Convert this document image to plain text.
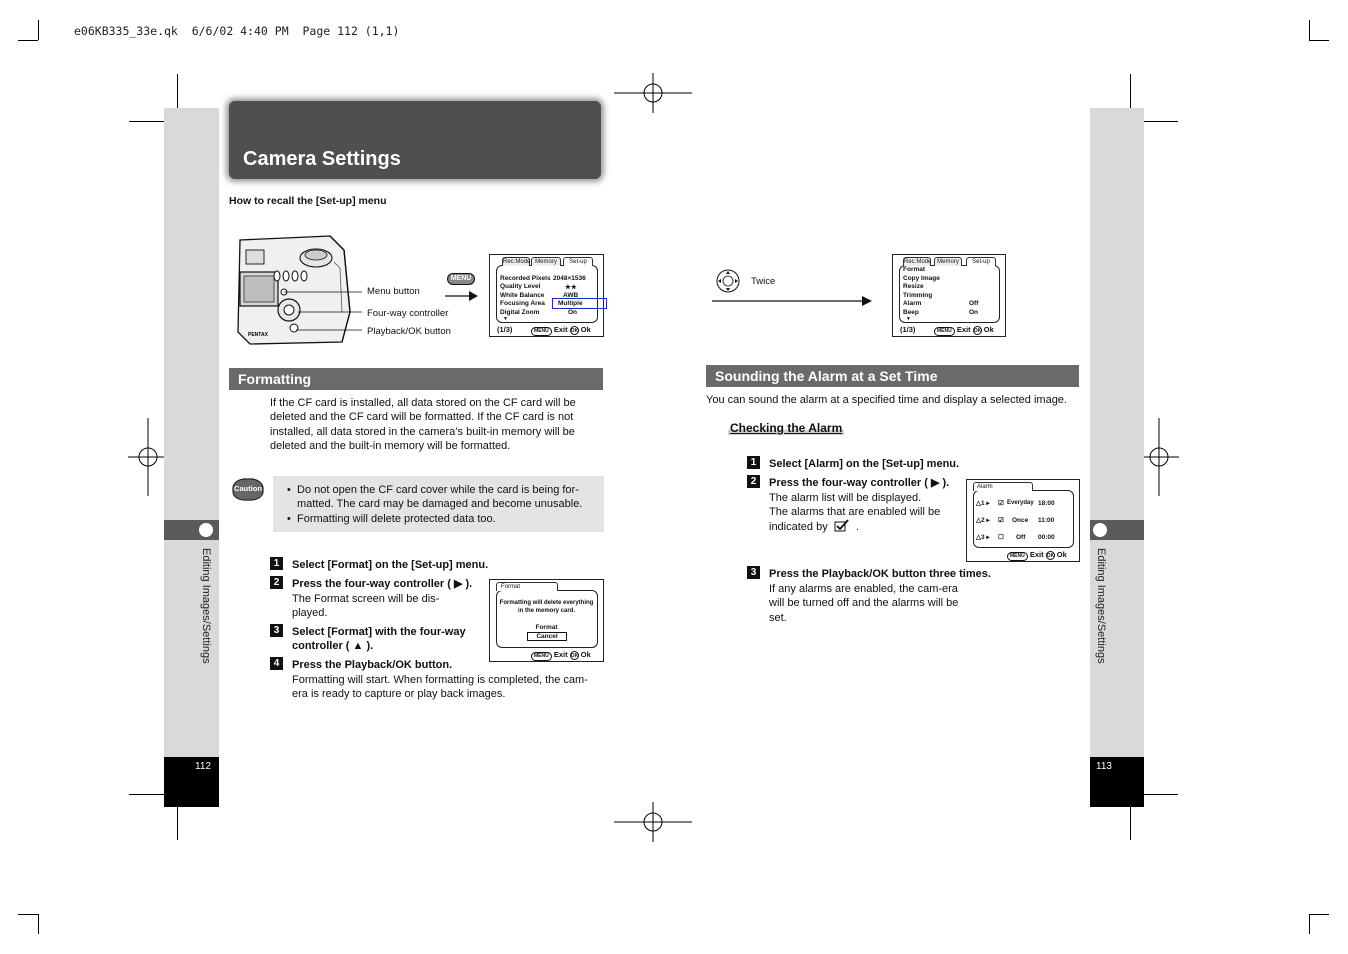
e06KB335_33e.qk  6/6/02 4:40 PM  Page 112 (1,1)
Editing Images/Settings
112
Editing Images/Settings
113
Camera Settings
How to recall the [Set-up] menu
PENTAX
Menu button
Four-way controller
Playback/OK button
MENU
Rec.Mode Memory	Set-up
Recorded Pixels 2048×1536
Quality Level	★★
White Balance	AWB
Focusing Area Multiple
Digital Zoom	On
▼
(1/3)	MENU Exit OK Ok
Formatting
If the CF card is installed, all data stored on the CF card will be deleted and the CF card will be formatted. If the CF card is not installed, all data stored in the camera’s built-in memory will be deleted and the built-in memory will be formatted.
Caution • Do not open the CF card cover while the card is being for-matted. The card may be damaged and become unusable.
• Formatting will delete protected data too.
1	Select [Format] on the [Set-up] menu.
2	Press the four-way controller ( ▶ ).
The Format screen will be dis-played.
3	Select [Format] with the four-way controller ( ▲ ).
4	Press the Playback/OK button.
Formatting will start. When formatting is completed, the cam-era is ready to capture or play back images.
Format
Formatting will delete everything
in the memory card.
Format
Cancel
MENU Exit OK Ok
Twice
Rec.Mode Memory	Set-up
Format
Copy Image
Resize
Trimming
Alarm	Off
Beep	On
▼
(1/3)	MENU Exit OK Ok
Sounding the Alarm at a Set Time
You can sound the alarm at a specified time and display a selected image.
Checking the Alarm
1	Select [Alarm] on the [Set-up] menu.
2	Press the four-way controller ( ▶ ).
The alarm list will be displayed.
The alarms that are enabled will be indicated by	.
3	Press the Playback/OK button three times.
If any alarms are enabled, the cam-era will be turned off and the alarms will be set.
Alarm
△1 ▸ ☑ Everyday 18:00
△2 ▸ ☑ Once 11:00
△3 ▸ ☐ Off 00:00
MENU Exit OK Ok
